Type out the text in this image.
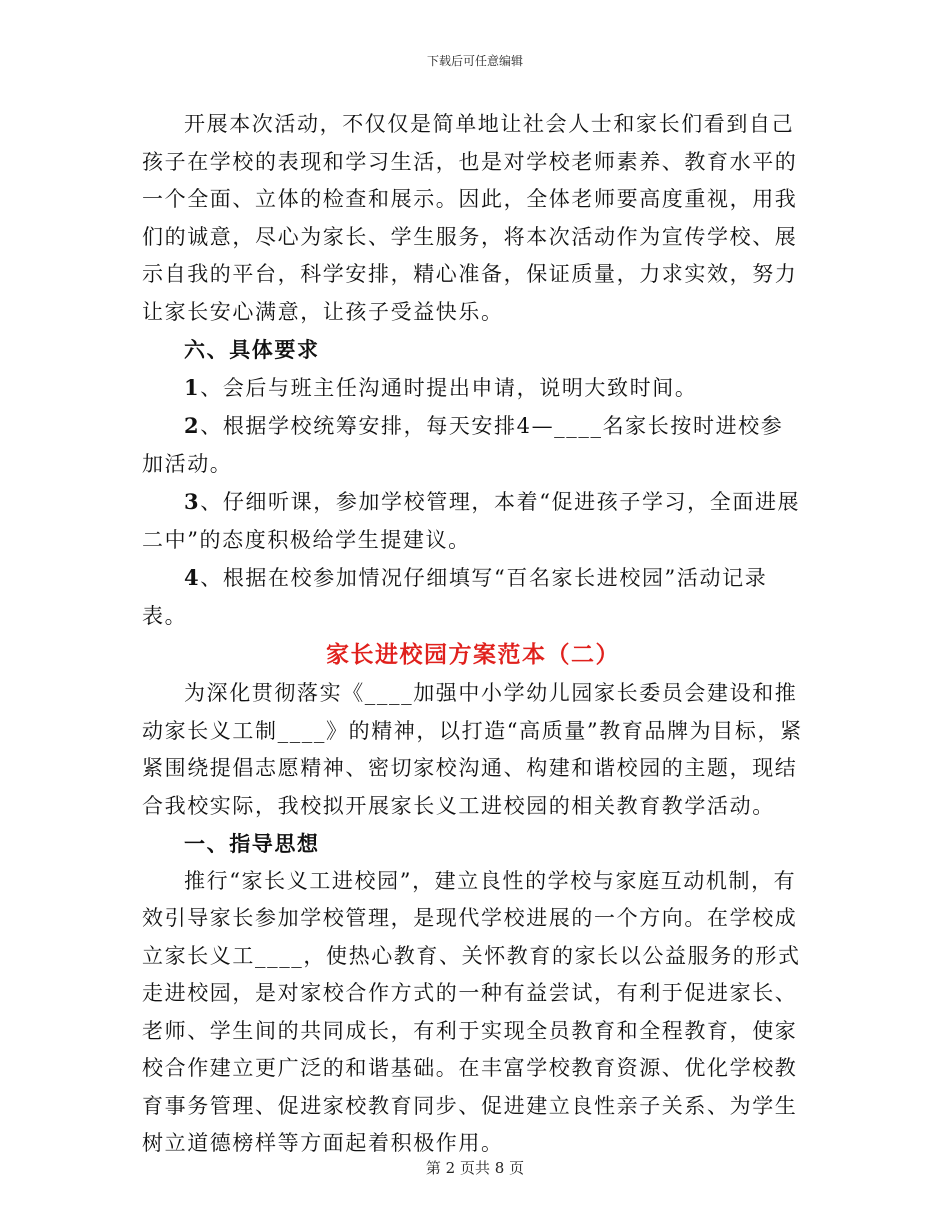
下载后可任意编辑

开展本次活动，不仅仅是简单地让社会人士和家长们看到自己孩子在学校的表现和学习生活，也是对学校老师素养、教育水平的一个全面、立体的检查和展示。因此，全体老师要高度重视，用我们的诚意，尽心为家长、学生服务，将本次活动作为宣传学校、展示自我的平台，科学安排，精心准备，保证质量，力求实效，努力让家长安心满意，让孩子受益快乐。

六、具体要求

1、会后与班主任沟通时提出申请，说明大致时间。

2、根据学校统筹安排，每天安排4—____名家长按时进校参加活动。

3、仔细听课，参加学校管理，本着“促进孩子学习，全面进展二中”的态度积极给学生提建议。

4、根据在校参加情况仔细填写“百名家长进校园”活动记录表。

家长进校园方案范本（二）

为深化贯彻落实《____加强中小学幼儿园家长委员会建设和推动家长义工制____》的精神，以打造“高质量”教育品牌为目标，紧紧围绕提倡志愿精神、密切家校沟通、构建和谐校园的主题，现结合我校实际，我校拟开展家长义工进校园的相关教育教学活动。

一、指导思想

推行“家长义工进校园”，建立良性的学校与家庭互动机制，有效引导家长参加学校管理，是现代学校进展的一个方向。在学校成立家长义工____，使热心教育、关怀教育的家长以公益服务的形式走进校园，是对家校合作方式的一种有益尝试，有利于促进家长、老师、学生间的共同成长，有利于实现全员教育和全程教育，使家校合作建立更广泛的和谐基础。在丰富学校教育资源、优化学校教育事务管理、促进家校教育同步、促进建立良性亲子关系、为学生树立道德榜样等方面起着积极作用。

第 2 页共 8 页
